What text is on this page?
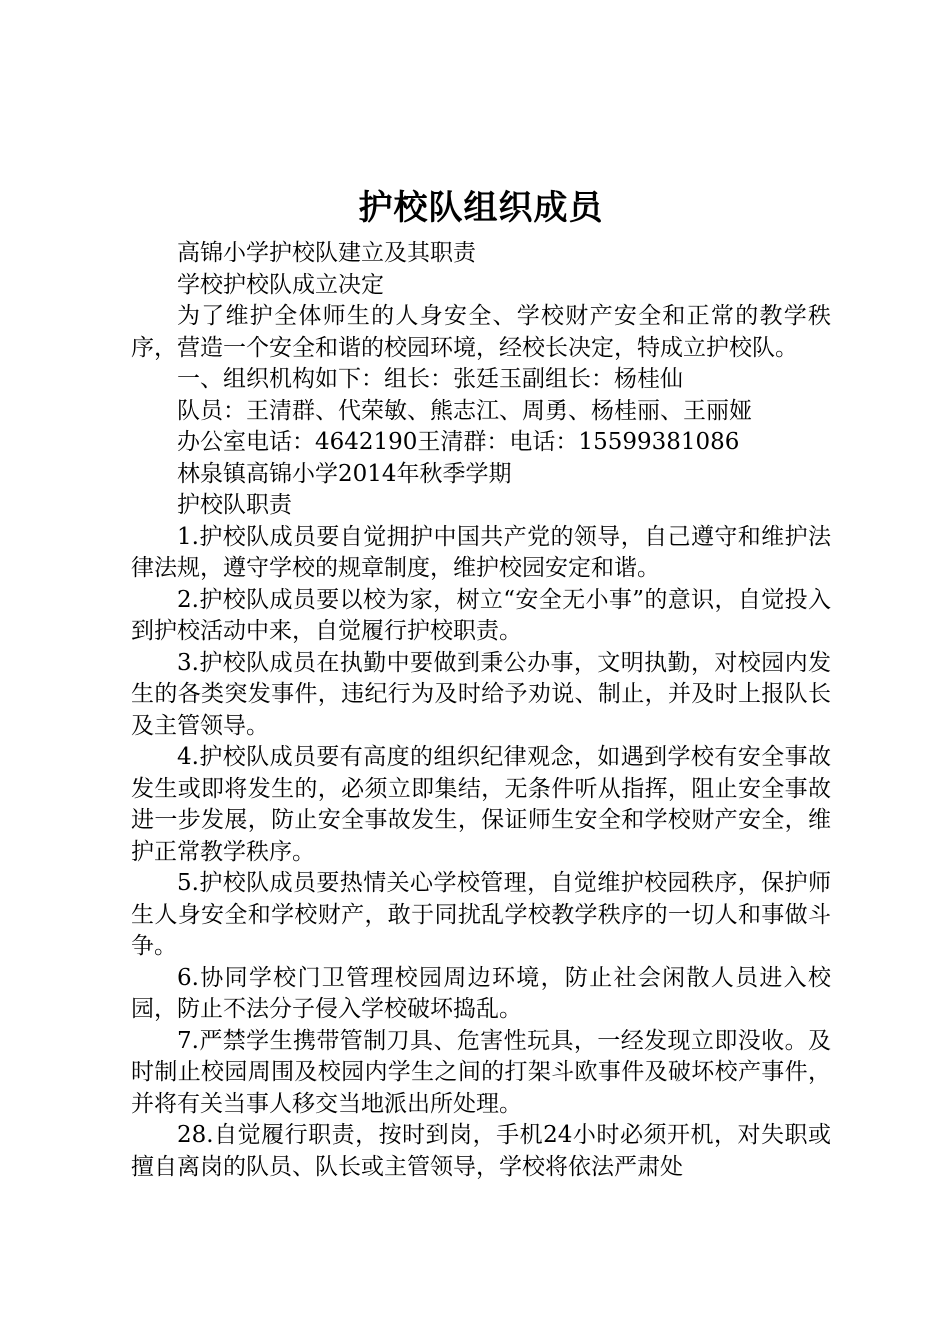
护校队组织成员

高锦小学护校队建立及其职责

学校护校队成立决定

为了维护全体师生的人身安全、学校财产安全和正常的教学秩序，营造一个安全和谐的校园环境，经校长决定，特成立护校队。

一、组织机构如下：组长：张廷玉副组长：杨桂仙

队员：王清群、代荣敏、熊志江、周勇、杨桂丽、王丽娅

办公室电话：4642190王清群：电话：15599381086

林泉镇高锦小学2014年秋季学期

护校队职责

1.护校队成员要自觉拥护中国共产党的领导，自己遵守和维护法律法规，遵守学校的规章制度，维护校园安定和谐。

2.护校队成员要以校为家，树立“安全无小事”的意识，自觉投入到护校活动中来，自觉履行护校职责。

3.护校队成员在执勤中要做到秉公办事，文明执勤，对校园内发生的各类突发事件，违纪行为及时给予劝说、制止，并及时上报队长及主管领导。

4.护校队成员要有高度的组织纪律观念，如遇到学校有安全事故发生或即将发生的，必须立即集结，无条件听从指挥，阻止安全事故进一步发展，防止安全事故发生，保证师生安全和学校财产安全，维护正常教学秩序。

5.护校队成员要热情关心学校管理，自觉维护校园秩序，保护师生人身安全和学校财产，敢于同扰乱学校教学秩序的一切人和事做斗争。

6.协同学校门卫管理校园周边环境，防止社会闲散人员进入校园，防止不法分子侵入学校破坏捣乱。

7.严禁学生携带管制刀具、危害性玩具，一经发现立即没收。及时制止校园周围及校园内学生之间的打架斗欧事件及破坏校产事件，并将有关当事人移交当地派出所处理。

28.自觉履行职责，按时到岗，手机24小时必须开机，对失职或擅自离岗的队员、队长或主管领导，学校将依法严肃处
